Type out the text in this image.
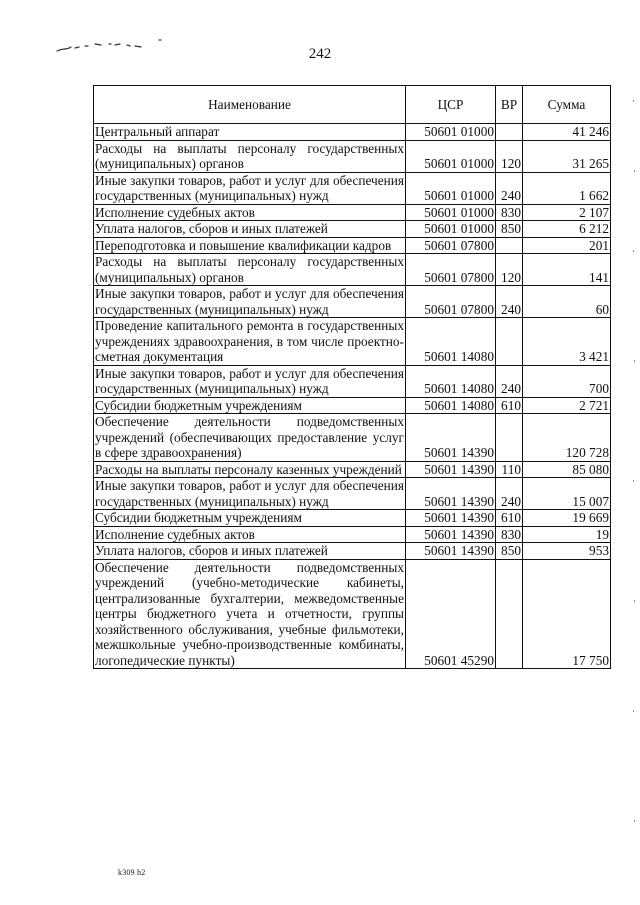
242
Наименование	ЦСР	ВР	Сумма
Центральный аппарат	50601 01000		41 246
Расходы на выплаты персоналу государственных (муниципальных) органов	50601 01000	120	31 265
Иные закупки товаров, работ и услуг для обеспечения государственных (муниципальных) нужд	50601 01000	240	1 662
Исполнение судебных актов	50601 01000	830	2 107
Уплата налогов, сборов и иных платежей	50601 01000	850	6 212
Переподготовка и повышение квалификации кадров	50601 07800		201
Расходы на выплаты персоналу государственных (муниципальных) органов	50601 07800	120	141
Иные закупки товаров, работ и услуг для обеспечения государственных (муниципальных) нужд	50601 07800	240	60
Проведение капитального ремонта в государственных учреждениях здравоохранения, в том числе проектно-сметная документация	50601 14080		3 421
Иные закупки товаров, работ и услуг для обеспечения государственных (муниципальных) нужд	50601 14080	240	700
Субсидии бюджетным учреждениям	50601 14080	610	2 721
Обеспечение деятельности подведомственных учреждений (обеспечивающих предоставление услуг в сфере здравоохранения)	50601 14390		120 728
Расходы на выплаты персоналу казенных учреждений	50601 14390	110	85 080
Иные закупки товаров, работ и услуг для обеспечения государственных (муниципальных) нужд	50601 14390	240	15 007
Субсидии бюджетным учреждениям	50601 14390	610	19 669
Исполнение судебных актов	50601 14390	830	19
Уплата налогов, сборов и иных платежей	50601 14390	850	953
Обеспечение деятельности подведомственных учреждений (учебно-методические кабинеты, централизованные бухгалтерии, межведомственные центры бюджетного учета и отчетности, группы хозяйственного обслуживания, учебные фильмотеки, межшкольные учебно-производственные комбинаты, логопедические пункты)	50601 45290		17 750
k309 h2
